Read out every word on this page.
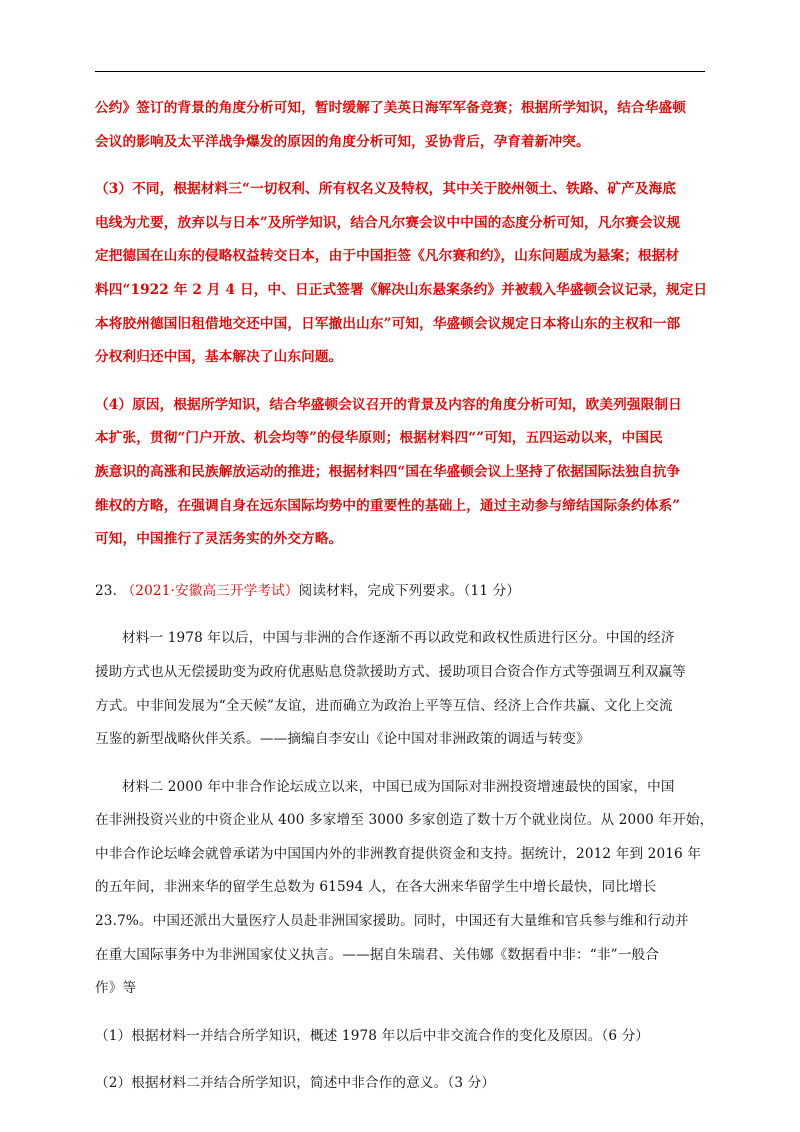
公约》签订的背景的角度分析可知，暂时缓解了美英日海军军备竞赛；根据所学知识，结合华盛顿
会议的影响及太平洋战争爆发的原因的角度分析可知，妥协背后，孕育着新冲突。
（3）不同，根据材料三“一切权利、所有权名义及特权，其中关于胶州领土、铁路、矿产及海底
电线为尤要，放弃以与日本”及所学知识，结合凡尔赛会议中中国的态度分析可知，凡尔赛会议规
定把德国在山东的侵略权益转交日本，由于中国拒签《凡尔赛和约》，山东问题成为悬案；根据材
料四“1922 年 2 月 4 日，中、日正式签署《解决山东悬案条约》并被载入华盛顿会议记录，规定日
本将胶州德国旧租借地交还中国，日军撤出山东”可知，华盛顿会议规定日本将山东的主权和一部
分权利归还中国，基本解决了山东问题。
（4）原因，根据所学知识，结合华盛顿会议召开的背景及内容的角度分析可知，欧美列强限制日
本扩张，贯彻“门户开放、机会均等”的侵华原则；根据材料四“”可知，五四运动以来，中国民
族意识的高涨和民族解放运动的推进；根据材料四“国在华盛顿会议上坚持了依据国际法独自抗争
维权的方略，在强调自身在远东国际均势中的重要性的基础上，通过主动参与缔结国际条约体系”
可知，中国推行了灵活务实的外交方略。
23. （2021·安徽高三开学考试）阅读材料，完成下列要求。（11 分）
材料一 1978 年以后，中国与非洲的合作逐渐不再以政党和政权性质进行区分。中国的经济
援助方式也从无偿援助变为政府优惠贴息贷款援助方式、援助项目合资合作方式等强调互利双赢等
方式。中非间发展为“全天候”友谊，进而确立为政治上平等互信、经济上合作共赢、文化上交流
互鉴的新型战略伙伴关系。——摘编自李安山《论中国对非洲政策的调适与转变》
材料二 2000 年中非合作论坛成立以来，中国已成为国际对非洲投资增速最快的国家，中国
在非洲投资兴业的中资企业从 400 多家增至 3000 多家创造了数十万个就业岗位。从 2000 年开始，
中非合作论坛峰会就曾承诺为中国国内外的非洲教育提供资金和支持。据统计，2012 年到 2016 年
的五年间，非洲来华的留学生总数为 61594 人，在各大洲来华留学生中增长最快，同比增长
23.7%。中国还派出大量医疗人员赴非洲国家援助。同时，中国还有大量维和官兵参与维和行动并
在重大国际事务中为非洲国家仗义执言。——据自朱瑞君、关伟娜《数据看中非：“非”一般合
作》等
（1）根据材料一并结合所学知识，概述 1978 年以后中非交流合作的变化及原因。（6 分）
（2）根据材料二并结合所学知识，简述中非合作的意义。（3 分）
